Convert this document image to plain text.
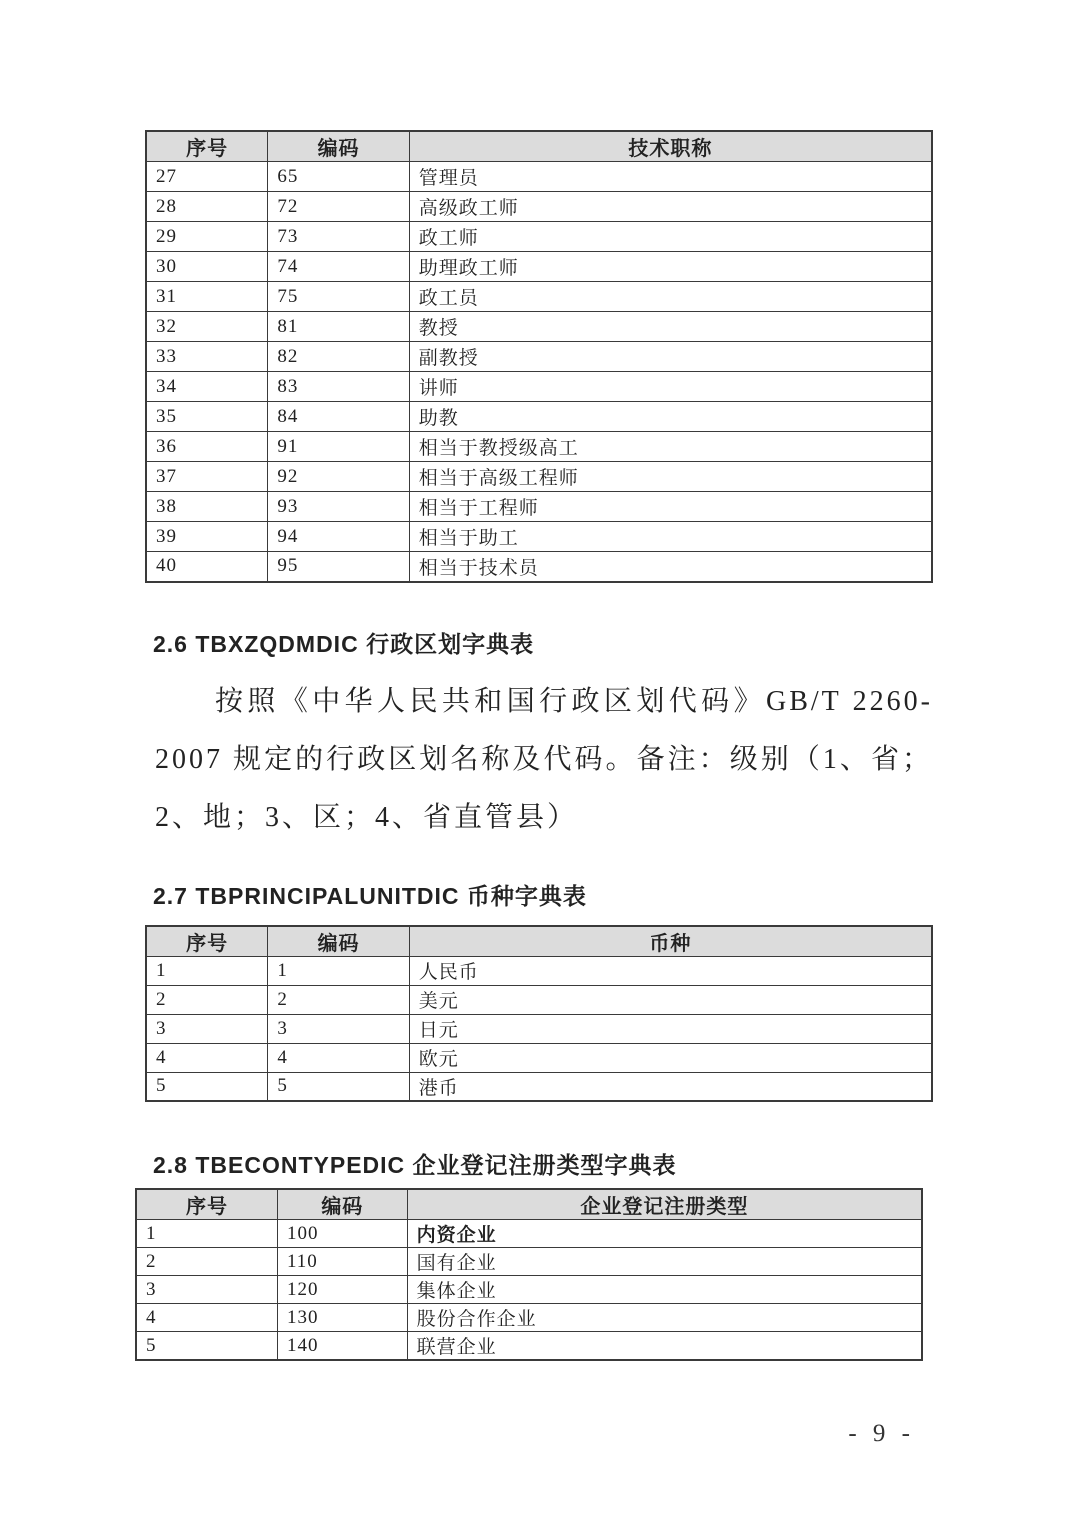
序号	编码	技术职称
27	65	管理员
28	72	高级政工师
29	73	政工师
30	74	助理政工师
31	75	政工员
32	81	教授
33	82	副教授
34	83	讲师
35	84	助教
36	91	相当于教授级高工
37	92	相当于高级工程师
38	93	相当于工程师
39	94	相当于助工
40	95	相当于技术员
2.6 TBXZQDMDIC 行政区划字典表

按照《中华人民共和国行政区划代码》GB/T 2260-2007 规定的行政区划名称及代码。备注：级别（1、省；2、地；3、区；4、省直管县）

2.7 TBPRINCIPALUNITDIC 币种字典表
序号	编码	币种
1	1	人民币
2	2	美元
3	3	日元
4	4	欧元
5	5	港币
2.8 TBECONTYPEDIC 企业登记注册类型字典表
序号	编码	企业登记注册类型
1	100	内资企业
2	110	国有企业
3	120	集体企业
4	130	股份合作企业
5	140	联营企业
- 9 -
